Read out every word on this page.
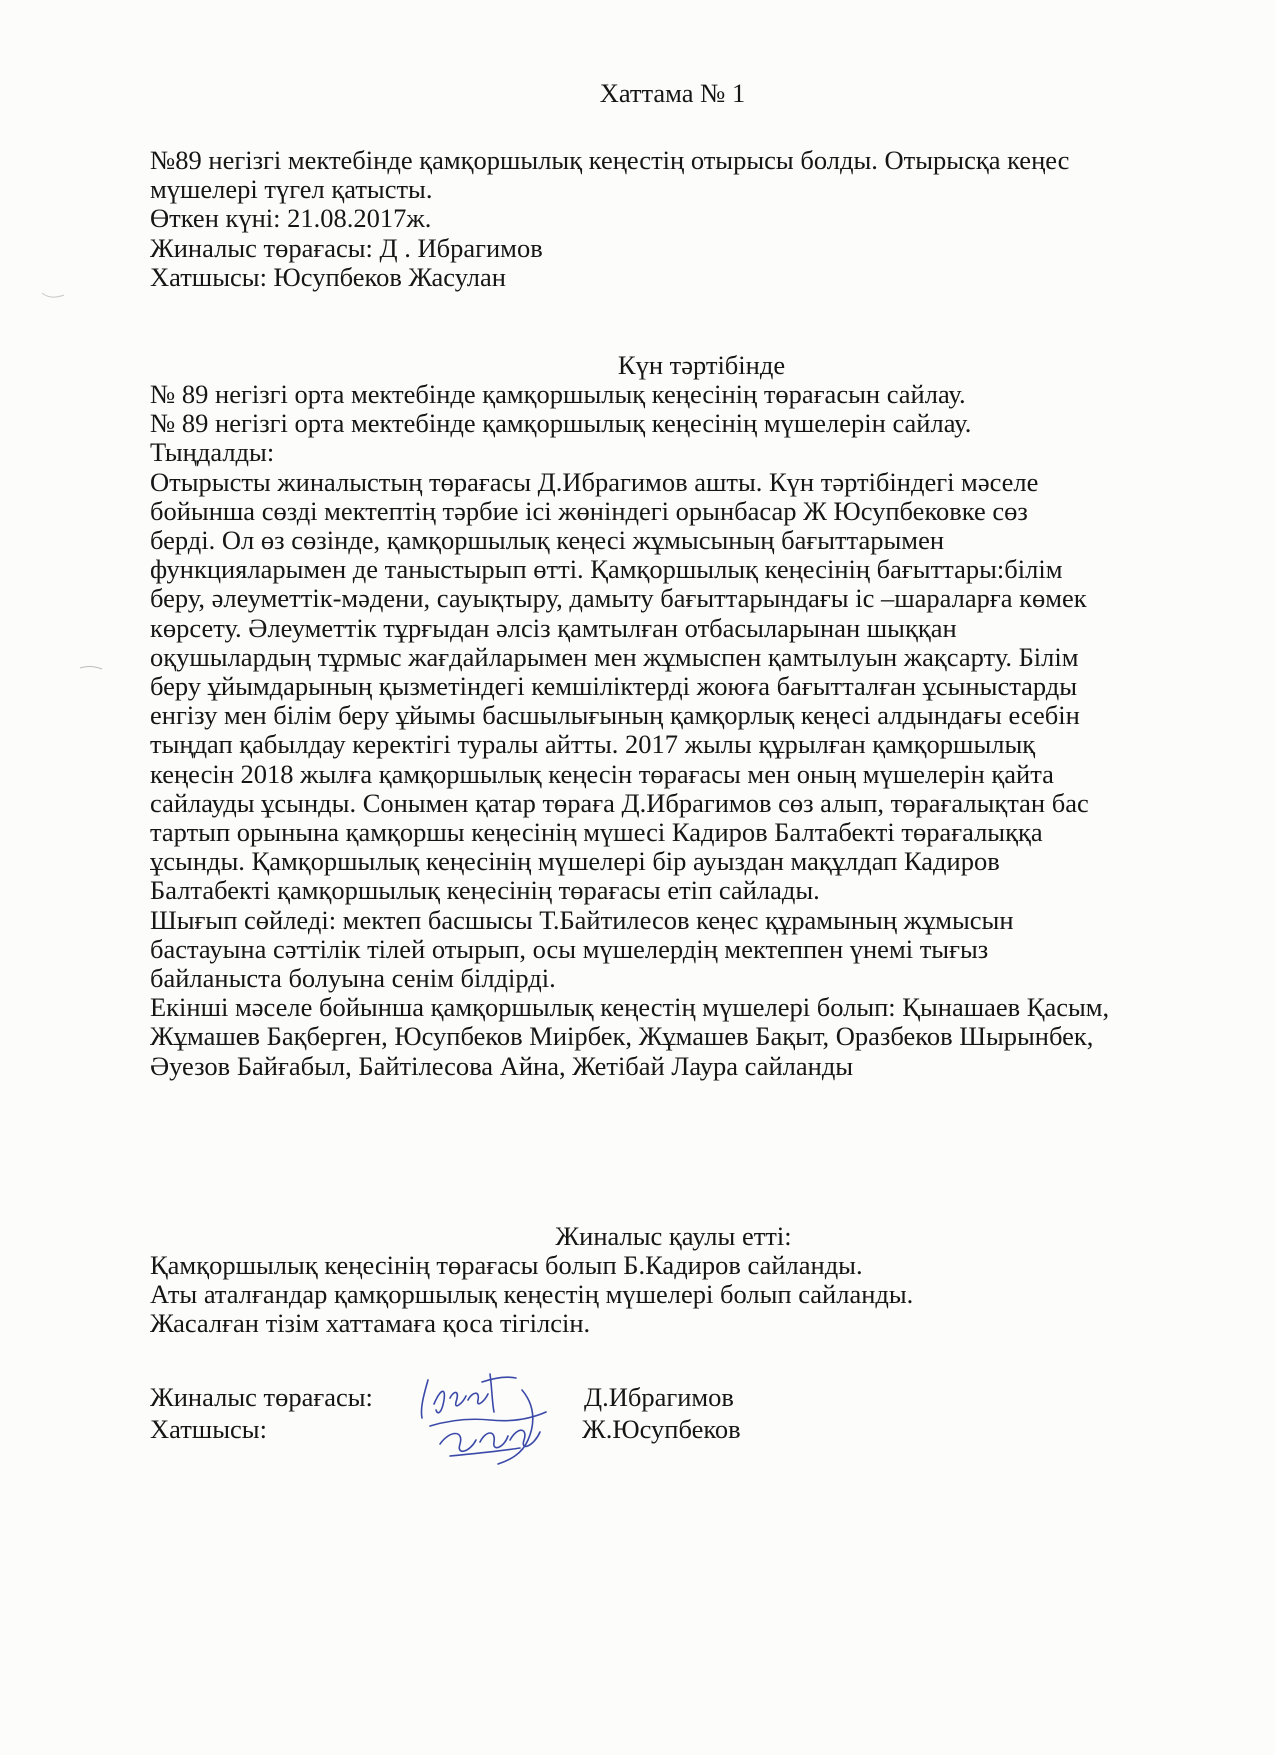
Хаттама № 1
№89 негізгі мектебінде қамқоршылық кеңестің отырысы болды. Отырысқа кеңес
мүшелері түгел қатысты.
Өткен күні: 21.08.2017ж.
Жиналыс төрағасы: Д . Ибрагимов
Хатшысы: Юсупбеков Жасулан
Күн тәртібінде
№ 89 негізгі орта мектебінде қамқоршылық кеңесінің төрағасын сайлау.
№ 89 негізгі орта мектебінде қамқоршылық кеңесінің мүшелерін сайлау.
Тыңдалды:
Отырысты жиналыстың төрағасы Д.Ибрагимов ашты. Күн тәртібіндегі мәселе
бойынша сөзді мектептің тәрбие ісі жөніндегі орынбасар Ж Юсупбековке сөз
берді. Ол өз сөзінде, қамқоршылық кеңесі жұмысының бағыттарымен
функцияларымен де таныстырып өтті. Қамқоршылық кеңесінің бағыттары:білім
беру, әлеуметтік-мәдени, сауықтыру, дамыту бағыттарындағы іс –шараларға көмек
көрсету. Әлеуметтік тұрғыдан әлсіз қамтылған отбасыларынан шыққан
оқушылардың тұрмыс жағдайларымен мен жұмыспен қамтылуын жақсарту. Білім
беру ұйымдарының қызметіндегі кемшіліктерді жоюға бағытталған ұсыныстарды
енгізу мен білім беру ұйымы басшылығының қамқорлық кеңесі алдындағы есебін
тыңдап қабылдау керектігі туралы айтты. 2017 жылы құрылған қамқоршылық
кеңесін 2018 жылға қамқоршылық кеңесін төрағасы мен оның мүшелерін қайта
сайлауды ұсынды. Сонымен қатар төраға Д.Ибрагимов сөз алып, төрағалықтан бас
тартып орынына қамқоршы кеңесінің мүшесі Кадиров Балтабекті төрағалыққа
ұсынды. Қамқоршылық кеңесінің мүшелері бір ауыздан мақұлдап Кадиров
Балтабекті қамқоршылық кеңесінің төрағасы етіп сайлады.
Шығып сөйледі: мектеп басшысы Т.Байтилесов кеңес құрамының жұмысын
бастауына сәттілік тілей отырып, осы мүшелердің мектеппен үнемі тығыз
байланыста болуына сенім білдірді.
Екінші мәселе бойынша қамқоршылық кеңестің мүшелері болып: Қынашаев Қасым,
Жұмашев Бақберген, Юсупбеков Миірбек, Жұмашев Бақыт, Оразбеков Шырынбек,
Әуезов Байғабыл, Байтілесова Айна, Жетібай Лаура сайланды
Жиналыс қаулы етті:
Қамқоршылық кеңесінің төрағасы болып Б.Кадиров сайланды.
Аты аталғандар қамқоршылық кеңестің мүшелері болып сайланды.
Жасалған тізім хаттамаға қоса тігілсін.
Жиналыс төрағасы:	Д.Ибрагимов
Хатшысы:	Ж.Юсупбеков
